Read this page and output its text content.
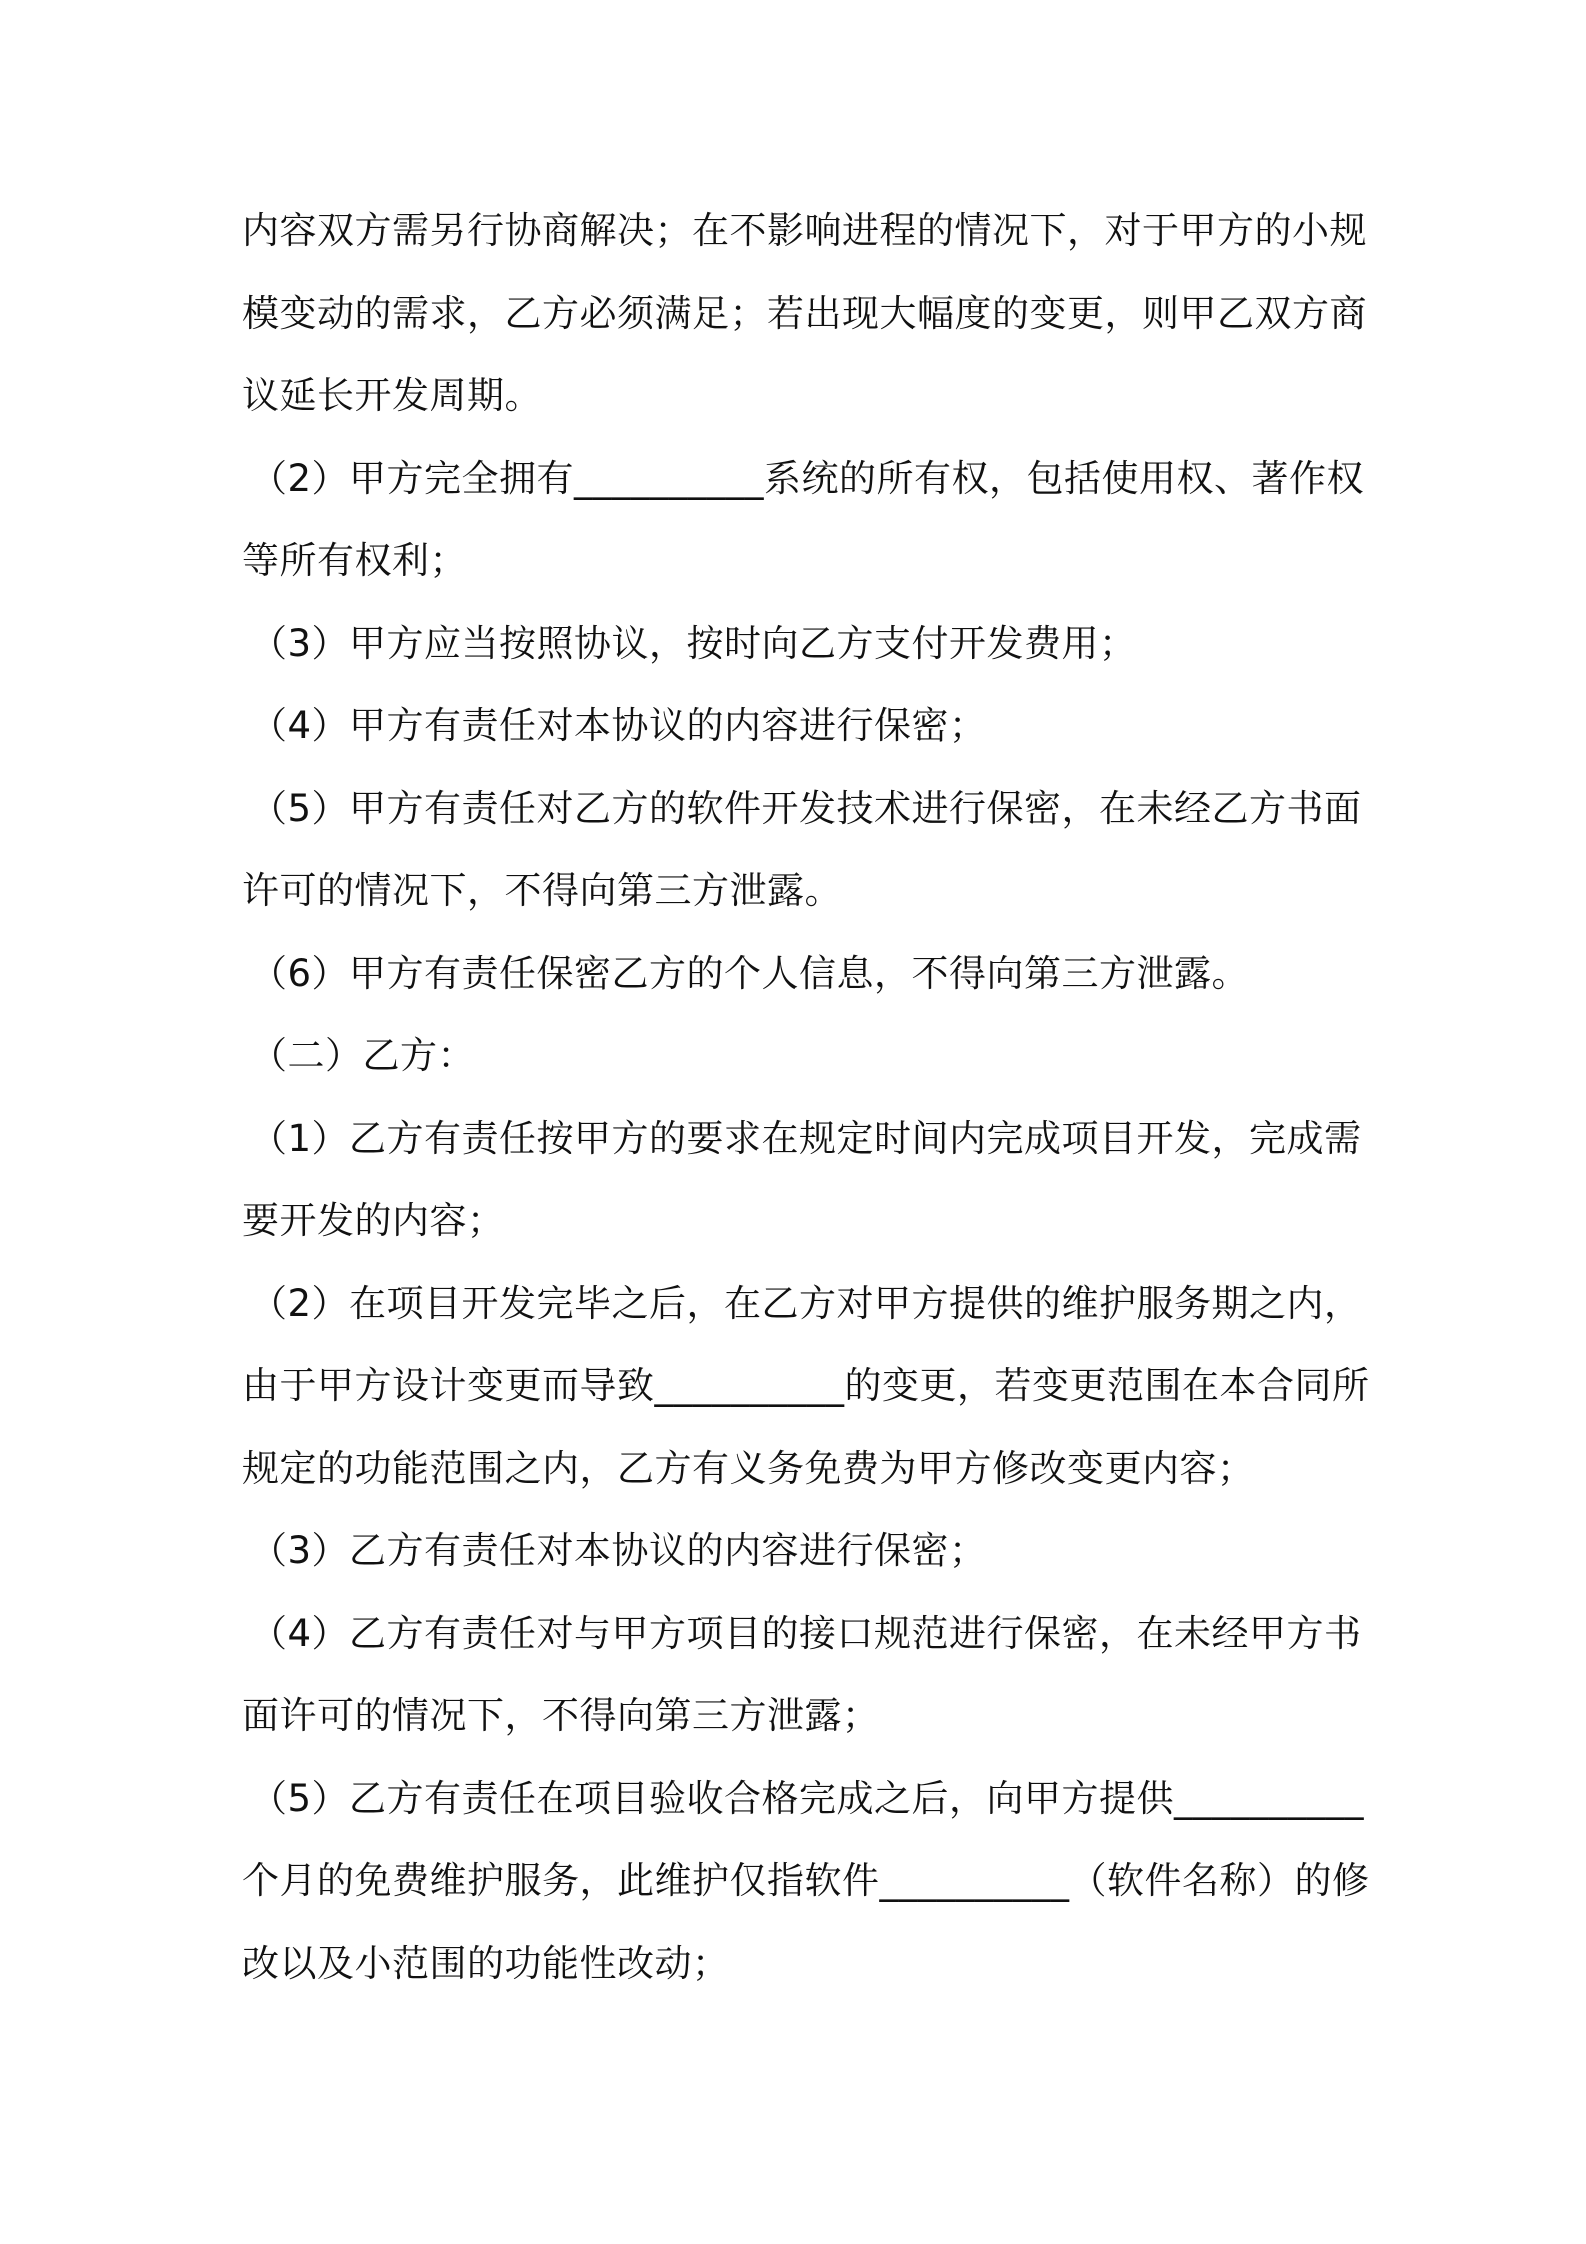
内容双方需另行协商解决；在不影响进程的情况下，对于甲方的小规
模变动的需求，乙方必须满足；若出现大幅度的变更，则甲乙双方商
议延长开发周期。
（2）甲方完全拥有__________系统的所有权，包括使用权、著作权
等所有权利；
（3）甲方应当按照协议，按时向乙方支付开发费用；
（4）甲方有责任对本协议的内容进行保密；
（5）甲方有责任对乙方的软件开发技术进行保密，在未经乙方书面
许可的情况下，不得向第三方泄露。
（6）甲方有责任保密乙方的个人信息，不得向第三方泄露。
（二）乙方：
（1）乙方有责任按甲方的要求在规定时间内完成项目开发，完成需
要开发的内容；
（2）在项目开发完毕之后，在乙方对甲方提供的维护服务期之内，
由于甲方设计变更而导致__________的变更，若变更范围在本合同所
规定的功能范围之内，乙方有义务免费为甲方修改变更内容；
（3）乙方有责任对本协议的内容进行保密；
（4）乙方有责任对与甲方项目的接口规范进行保密，在未经甲方书
面许可的情况下，不得向第三方泄露；
（5）乙方有责任在项目验收合格完成之后，向甲方提供__________
个月的免费维护服务，此维护仅指软件__________（软件名称）的修
改以及小范围的功能性改动；
